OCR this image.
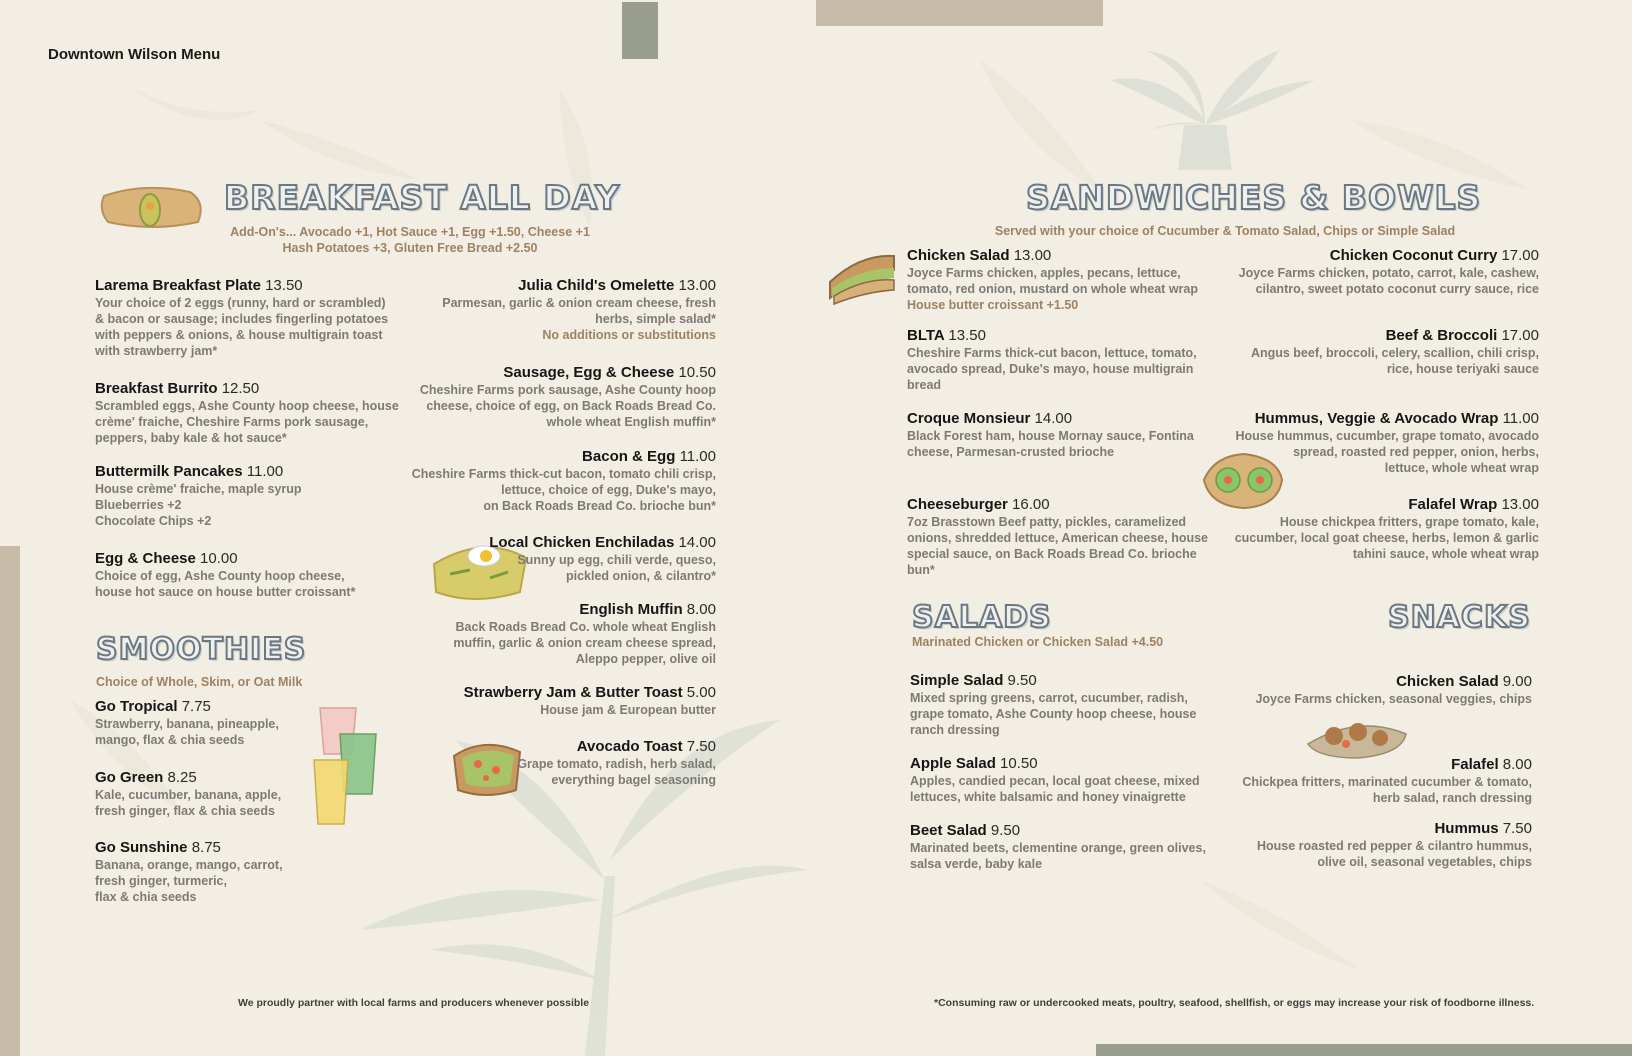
Downtown Wilson Menu
BREAKFAST ALL DAY
Add-On's... Avocado +1, Hot Sauce +1, Egg +1.50, Cheese +1
Hash Potatoes +3, Gluten Free Bread +2.50
Larema Breakfast Plate 13.50
Your choice of 2 eggs (runny, hard or scrambled)
& bacon or sausage; includes fingerling potatoes
with peppers & onions, & house multigrain toast
with strawberry jam*
Breakfast Burrito 12.50
Scrambled eggs, Ashe County hoop cheese, house
crème' fraiche, Cheshire Farms pork sausage,
peppers, baby kale & hot sauce*
Buttermilk Pancakes 11.00
House crème' fraiche, maple syrup
Blueberries +2
Chocolate Chips +2
Egg & Cheese 10.00
Choice of egg, Ashe County hoop cheese,
house hot sauce on house butter croissant*
Julia Child's Omelette 13.00
Parmesan, garlic & onion cream cheese, fresh
herbs, simple salad*
No additions or substitutions
Sausage, Egg & Cheese 10.50
Cheshire Farms pork sausage, Ashe County hoop
cheese, choice of egg, on Back Roads Bread Co.
whole wheat English muffin*
Bacon & Egg 11.00
Cheshire Farms thick-cut bacon, tomato chili crisp,
lettuce, choice of egg, Duke's mayo,
on Back Roads Bread Co. brioche bun*
Local Chicken Enchiladas 14.00
Sunny up egg, chili verde, queso,
pickled onion, & cilantro*
English Muffin 8.00
Back Roads Bread Co. whole wheat English
muffin, garlic & onion cream cheese spread,
Aleppo pepper, olive oil
Strawberry Jam & Butter Toast 5.00
House jam & European butter
Avocado Toast 7.50
Grape tomato, radish, herb salad,
everything bagel seasoning
SMOOTHIES
Choice of Whole, Skim, or Oat Milk
Go Tropical 7.75
Strawberry, banana, pineapple,
mango, flax & chia seeds
Go Green 8.25
Kale, cucumber, banana, apple,
fresh ginger, flax & chia seeds
Go Sunshine 8.75
Banana, orange, mango, carrot,
fresh ginger, turmeric,
flax & chia seeds
SANDWICHES & BOWLS
Served with your choice of Cucumber & Tomato Salad, Chips or Simple Salad
Chicken Salad 13.00
Joyce Farms chicken, apples, pecans, lettuce,
tomato, red onion, mustard on whole wheat wrap
House butter croissant +1.50
BLTA 13.50
Cheshire Farms thick-cut bacon, lettuce, tomato,
avocado spread, Duke's mayo, house multigrain
bread
Croque Monsieur 14.00
Black Forest ham, house Mornay sauce, Fontina
cheese, Parmesan-crusted brioche
Cheeseburger 16.00
7oz Brasstown Beef patty, pickles, caramelized
onions, shredded lettuce, American cheese, house
special sauce, on Back Roads Bread Co. brioche
bun*
Chicken Coconut Curry 17.00
Joyce Farms chicken, potato, carrot, kale, cashew,
cilantro, sweet potato coconut curry sauce, rice
Beef & Broccoli 17.00
Angus beef, broccoli, celery, scallion, chili crisp,
rice, house teriyaki sauce
Hummus, Veggie & Avocado Wrap 11.00
House hummus, cucumber, grape tomato, avocado
spread, roasted red pepper, onion, herbs,
lettuce, whole wheat wrap
Falafel Wrap 13.00
House chickpea fritters, grape tomato, kale,
cucumber, local goat cheese, herbs, lemon & garlic
tahini sauce, whole wheat wrap
SALADS
Marinated Chicken or Chicken Salad +4.50
Simple Salad 9.50
Mixed spring greens, carrot, cucumber, radish,
grape tomato, Ashe County hoop cheese, house
ranch dressing
Apple Salad 10.50
Apples, candied pecan, local goat cheese, mixed
lettuces, white balsamic and honey vinaigrette
Beet Salad 9.50
Marinated beets, clementine orange, green olives,
salsa verde, baby kale
SNACKS
Chicken Salad 9.00
Joyce Farms chicken, seasonal veggies, chips
Falafel 8.00
Chickpea fritters, marinated cucumber & tomato,
herb salad, ranch dressing
Hummus 7.50
House roasted red pepper & cilantro hummus,
olive oil, seasonal vegetables, chips
We proudly partner with local farms and producers whenever possible	*Consuming raw or undercooked meats, poultry, seafood, shellfish, or eggs may increase your risk of foodborne illness.
